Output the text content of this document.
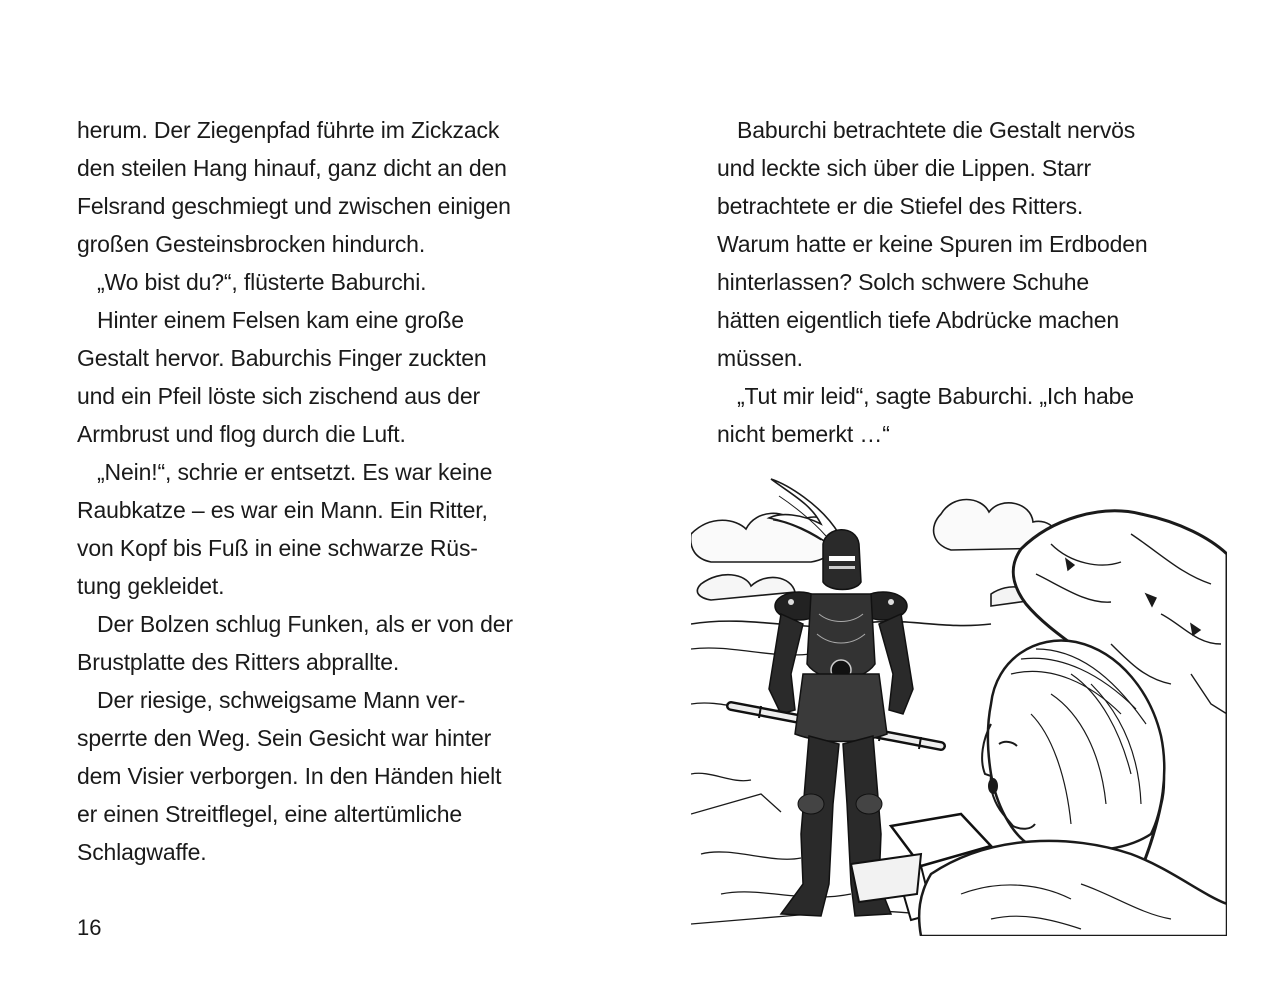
herum. Der Ziegenpfad führte im Zickzack
den steilen Hang hinauf, ganz dicht an den
Felsrand geschmiegt und zwischen einigen
großen Gesteinsbrocken hindurch.
„Wo bist du?“, flüsterte Baburchi.
Hinter einem Felsen kam eine große
Gestalt hervor. Baburchis Finger zuckten
und ein Pfeil löste sich zischend aus der
Armbrust und flog durch die Luft.
„Nein!“, schrie er entsetzt. Es war keine
Raubkatze – es war ein Mann. Ein Ritter,
von Kopf bis Fuß in eine schwarze Rüs-
tung gekleidet.
Der Bolzen schlug Funken, als er von der
Brustplatte des Ritters abprallte.
Der riesige, schweigsame Mann ver-
sperrte den Weg. Sein Gesicht war hinter
dem Visier verborgen. In den Händen hielt
er einen Streitflegel, eine altertümliche
Schlagwaffe.
16
Baburchi betrachtete die Gestalt nervös
und leckte sich über die Lippen. Starr
betrachtete er die Stiefel des Ritters.
Warum hatte er keine Spuren im Erdboden
hinterlassen? Solch schwere Schuhe
hätten eigentlich tiefe Abdrücke machen
müssen.
„Tut mir leid“, sagte Baburchi. „Ich habe
nicht bemerkt …“
